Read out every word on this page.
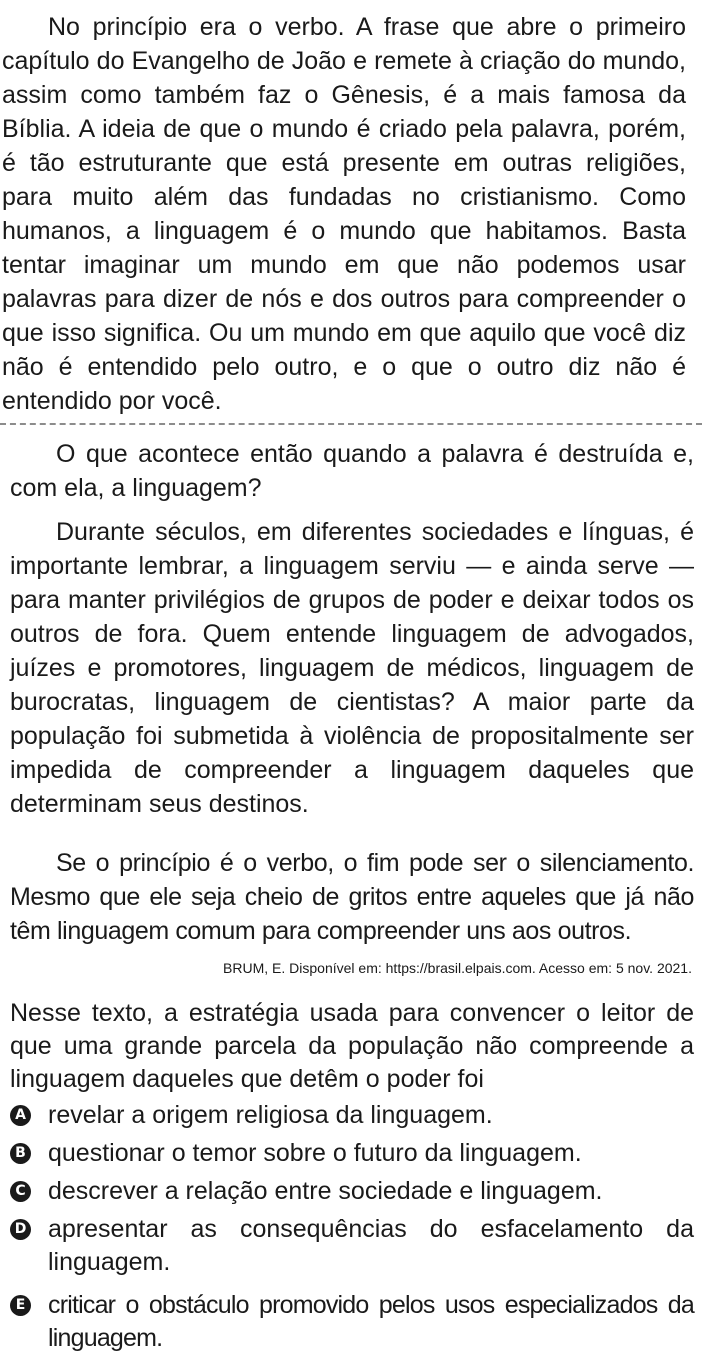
No princípio era o verbo. A frase que abre o primeiro capítulo do Evangelho de João e remete à criação do mundo, assim como também faz o Gênesis, é a mais famosa da Bíblia. A ideia de que o mundo é criado pela palavra, porém, é tão estruturante que está presente em outras religiões, para muito além das fundadas no cristianismo. Como humanos, a linguagem é o mundo que habitamos. Basta tentar imaginar um mundo em que não podemos usar palavras para dizer de nós e dos outros para compreender o que isso significa. Ou um mundo em que aquilo que você diz não é entendido pelo outro, e o que o outro diz não é entendido por você.

O que acontece então quando a palavra é destruída e, com ela, a linguagem?

Durante séculos, em diferentes sociedades e línguas, é importante lembrar, a linguagem serviu — e ainda serve — para manter privilégios de grupos de poder e deixar todos os outros de fora. Quem entende linguagem de advogados, juízes e promotores, linguagem de médicos, linguagem de burocratas, linguagem de cientistas? A maior parte da população foi submetida à violência de propositalmente ser impedida de compreender a linguagem daqueles que determinam seus destinos.

Se o princípio é o verbo, o fim pode ser o silenciamento. Mesmo que ele seja cheio de gritos entre aqueles que já não têm linguagem comum para compreender uns aos outros.

BRUM, E. Disponível em: https://brasil.elpais.com. Acesso em: 5 nov. 2021.

Nesse texto, a estratégia usada para convencer o leitor de que uma grande parcela da população não compreende a linguagem daqueles que detêm o poder foi

A revelar a origem religiosa da linguagem.
B questionar o temor sobre o futuro da linguagem.
C descrever a relação entre sociedade e linguagem.
D apresentar as consequências do esfacelamento da linguagem.
E criticar o obstáculo promovido pelos usos especializados da linguagem.
